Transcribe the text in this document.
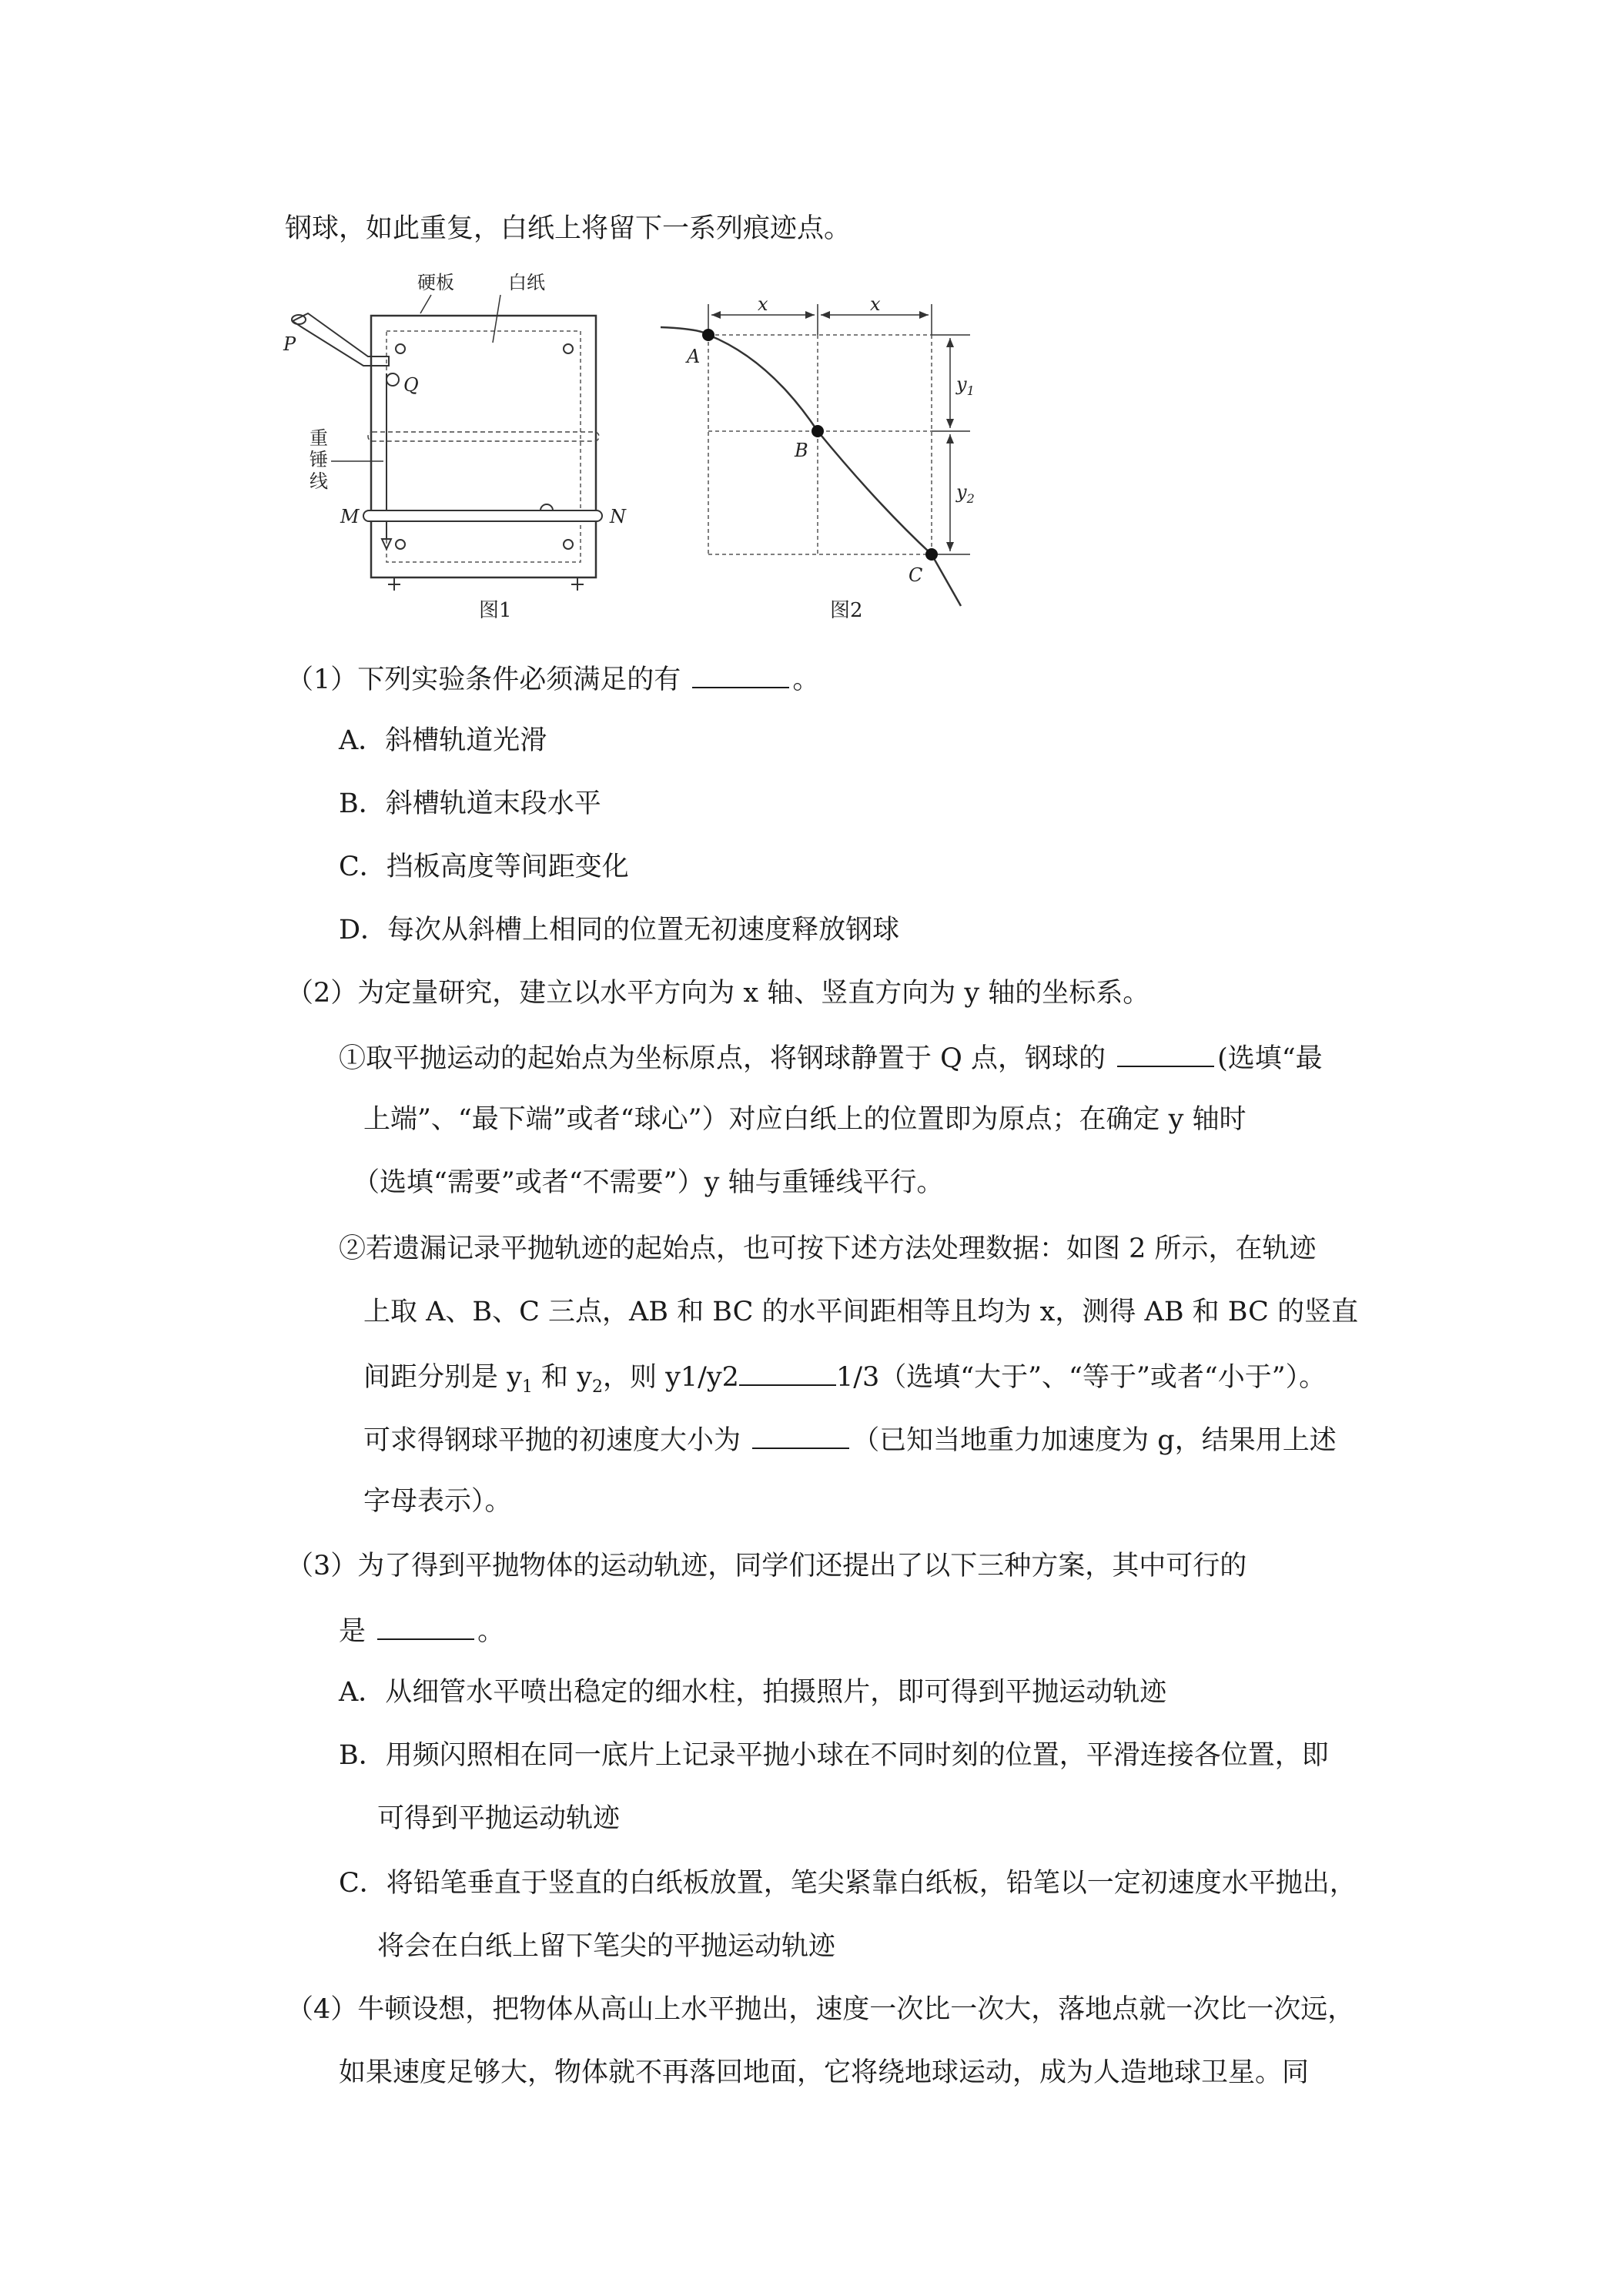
钢球，如此重复，白纸上将留下一系列痕迹点。
硬板	白纸
P
Q
重
锤
线
M	N
图1
x	x
$y_1$
$y_2$
A
B
C
图2
（1）下列实验条件必须满足的有	。
A．斜槽轨道光滑
B．斜槽轨道末段水平
C．挡板高度等间距变化
D．每次从斜槽上相同的位置无初速度释放钢球
（2）为定量研究，建立以水平方向为 x 轴、竖直方向为 y 轴的坐标系。
①取平抛运动的起始点为坐标原点，将钢球静置于 Q 点，钢球的	(选填“最
上端”、“最下端”或者“球心”）对应白纸上的位置即为原点；在确定 y 轴时
（选填“需要”或者“不需要”）y 轴与重锤线平行。
②若遗漏记录平抛轨迹的起始点，也可按下述方法处理数据：如图 2 所示，在轨迹
上取 A、B、C 三点，AB 和 BC 的水平间距相等且均为 x，测得 AB 和 BC 的竖直
间距分别是 $y_1$ 和 $y_2$，则 y1/y2	1/3（选填“大于”、“等于”或者“小于”）。
可求得钢球平抛的初速度大小为	（已知当地重力加速度为 g，结果用上述
字母表示）。
（3）为了得到平抛物体的运动轨迹，同学们还提出了以下三种方案，其中可行的
是	。
A．从细管水平喷出稳定的细水柱，拍摄照片，即可得到平抛运动轨迹
B．用频闪照相在同一底片上记录平抛小球在不同时刻的位置，平滑连接各位置，即
可得到平抛运动轨迹
C．将铅笔垂直于竖直的白纸板放置，笔尖紧靠白纸板，铅笔以一定初速度水平抛出，
将会在白纸上留下笔尖的平抛运动轨迹
（4）牛顿设想，把物体从高山上水平抛出，速度一次比一次大，落地点就一次比一次远，
如果速度足够大，物体就不再落回地面，它将绕地球运动，成为人造地球卫星。同
